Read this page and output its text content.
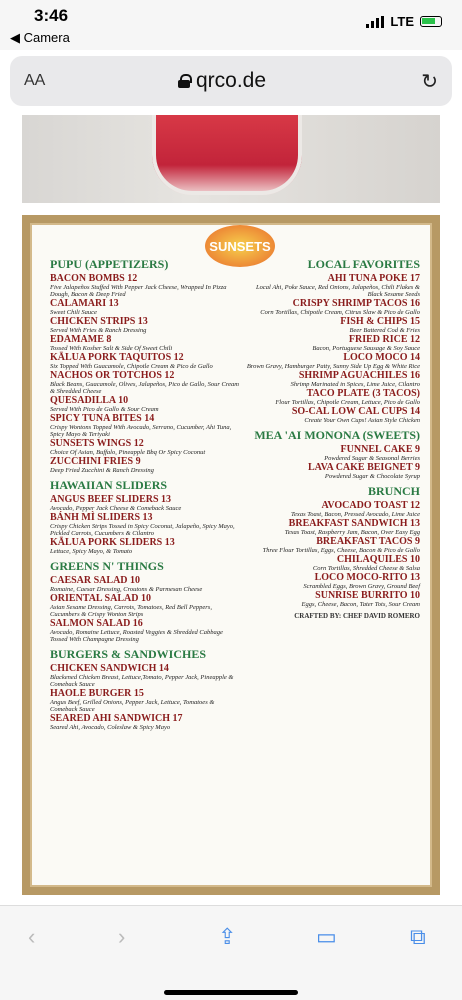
3:46
◀ Camera
LTE
AA	qrco.de	↻
SUNSETS
PUPU (APPETIZERS)
BACON BOMBS 12
Five Jalapeños Stuffed With Pepper Jack Cheese, Wrapped In Pizza Dough, Bacon & Deep Fried
CALAMARI 13
Sweet Chili Sauce
CHICKEN STRIPS 13
Served With Fries & Ranch Dressing
EDAMAME 8
Tossed With Kosher Salt & Side Of Sweet Chili
KĀLUA PORK TAQUITOS 12
Six Topped With Guacamole, Chipotle Cream & Pico de Gallo
NACHOS OR TOTCHOS 12
Black Beans, Guacamole, Olives, Jalapeños, Pico de Gallo, Sour Cream & Shredded Cheese
QUESADILLA 10
Served With Pico de Gallo & Sour Cream
SPICY TUNA BITES 14
Crispy Wontons Topped With Avocado, Serrano, Cucumber, Ahi Tuna, Spicy Mayo & Teriyaki
SUNSETS WINGS 12
Choice Of Asian, Buffalo, Pineapple Bbq Or Spicy Coconut
ZUCCHINI FRIES 9
Deep Fried Zucchini & Ranch Dressing
HAWAIIAN SLIDERS
ANGUS BEEF SLIDERS 13
Avocado, Pepper Jack Cheese & Comeback Sauce
BÁNH MÌ SLIDERS 13
Crispy Chicken Strips Tossed in Spicy Coconut, Jalapeño, Spicy Mayo, Pickled Carrots, Cucumbers & Cilantro
KĀLUA PORK SLIDERS 13
Lettuce, Spicy Mayo, & Tomato
GREENS N' THINGS
CAESAR SALAD 10
Romaine, Caesar Dressing, Croutons & Parmesan Cheese
ORIENTAL SALAD 10
Asian Sesame Dressing, Carrots, Tomatoes, Red Bell Peppers, Cucumbers & Crispy Wonton Strips
SALMON SALAD 16
Avocado, Romaine Lettuce, Roasted Veggies & Shredded Cabbage Tossed With Champagne Dressing
BURGERS & SANDWICHES
CHICKEN SANDWICH 14
Blackened Chicken Breast, Lettuce,Tomato, Pepper Jack, Pineapple & Comeback Sauce
HAOLE BURGER 15
Angus Beef, Grilled Onions, Pepper Jack, Lettuce, Tomatoes & Comeback Sauce
SEARED AHI SANDWICH 17
Seared Ahi, Avocado, Coleslaw & Spicy Mayo
LOCAL FAVORITES
AHI TUNA POKE 17
Local Ahi, Poke Sauce, Red Onions, Jalapeños, Chili Flakes & Black Sesame Seeds
CRISPY SHRIMP TACOS 16
Corn Tortillas, Chipotle Cream, Citrus Slaw & Pico de Gallo
FISH & CHIPS 15
Beer Battered Cod & Fries
FRIED RICE 12
Bacon, Portuguese Sausage & Soy Sauce
LOCO MOCO 14
Brown Gravy, Hamburger Patty, Sunny Side Up Egg & White Rice
SHRIMP AGUACHILES 16
Shrimp Marinated in Spices, Lime Juice, Cilantro
TACO PLATE (3 TACOS)
Flour Tortillas, Chipotle Cream, Lettuce, Pico de Gallo
SO-CAL LOW CAL CUPS 14
Create Your Own Cups! Asian Style Chicken
MEA 'AI MONONA (SWEETS)
FUNNEL CAKE 9
Powdered Sugar & Seasonal Berries
LAVA CAKE BEIGNET 9
Powdered Sugar & Chocolate Syrup
BRUNCH
AVOCADO TOAST 12
Texas Toast, Bacon, Pressed Avocado, Lime Juice
BREAKFAST SANDWICH 13
Texas Toast, Raspberry Jam, Bacon, Over Easy Egg
BREAKFAST TACOS 9
Three Flour Tortillas, Eggs, Cheese, Bacon & Pico de Gallo
CHILAQUILES 10
Corn Tortillas, Shredded Cheese & Salsa
LOCO MOCO-RITO 13
Scrambled Eggs, Brown Gravy, Ground Beef
SUNRISE BURRITO 10
Eggs, Cheese, Bacon, Tater Tots, Sour Cream
CRAFTED BY: CHEF DAVID ROMERO
‹	›	⇪	▭	⧉
